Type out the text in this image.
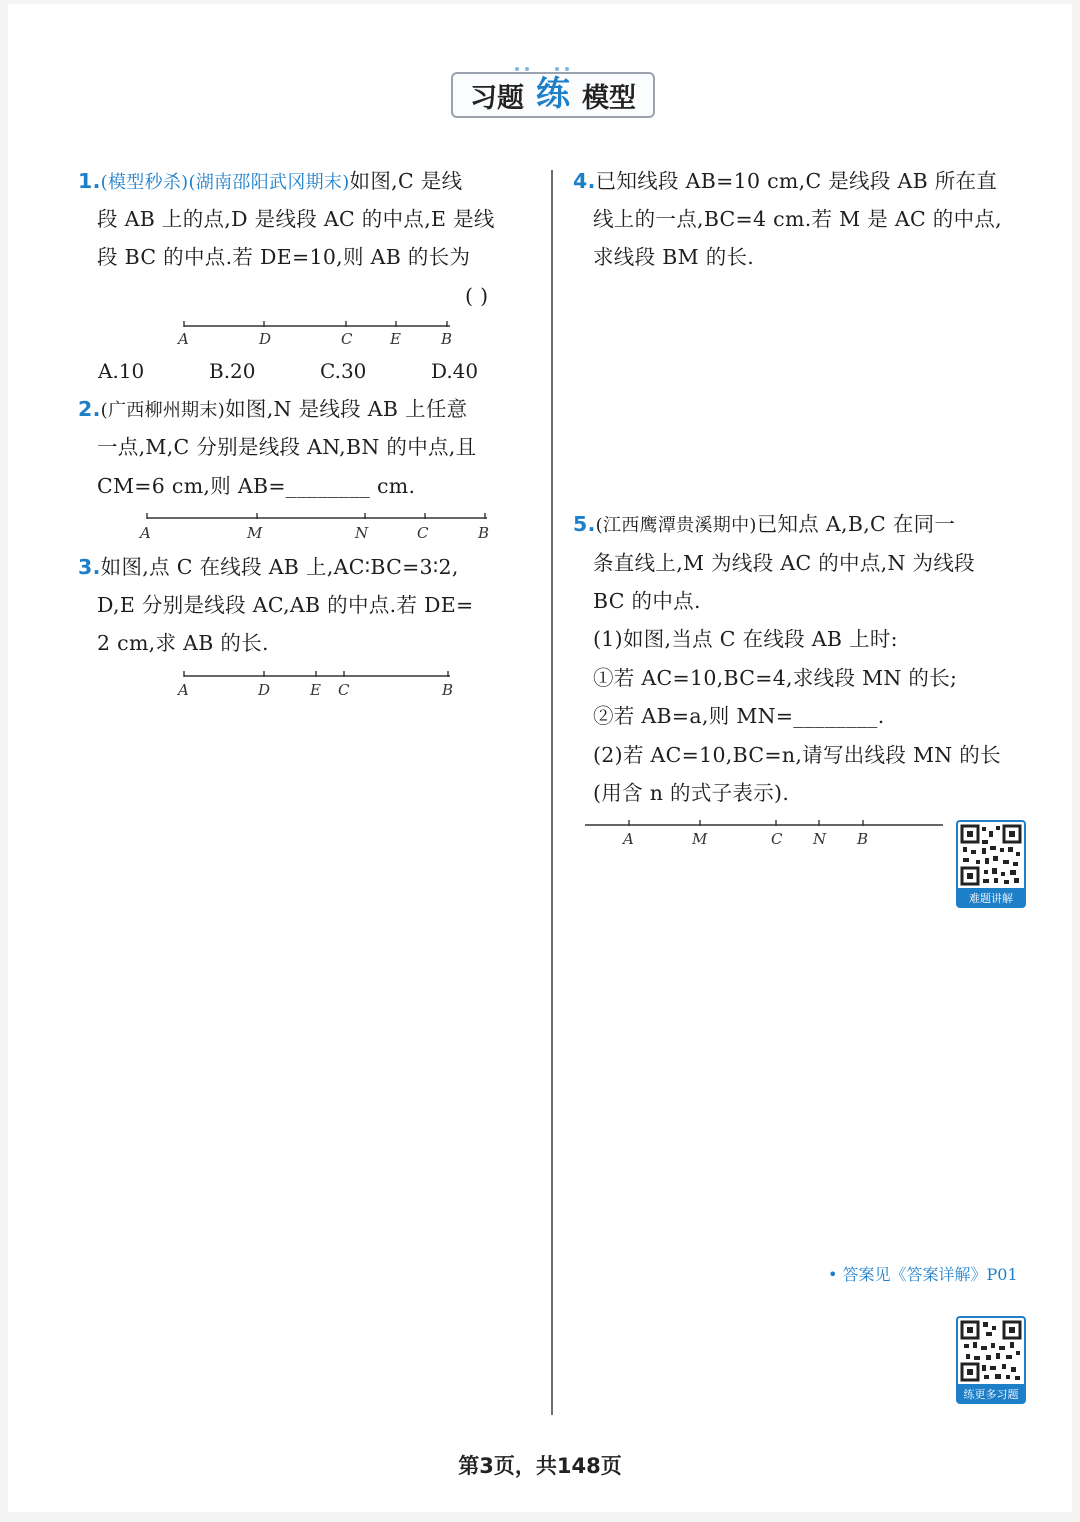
习题 练 模型
1.(模型秒杀)(湖南邵阳武冈期末)如图,C 是线
段 AB 上的点,D 是线段 AC 的中点,E 是线
段 BC 的中点.若 DE=10,则 AB 的长为
( )
A	D	C	E	B
A.10	B.20	C.30	D.40
2.(广西柳州期末)如图,N 是线段 AB 上任意
一点,M,C 分别是线段 AN,BN 的中点,且
CM=6 cm,则 AB=________ cm.
A	M	N	C	B
3.如图,点 C 在线段 AB 上,AC∶BC=3∶2,
D,E 分别是线段 AC,AB 的中点.若 DE=
2 cm,求 AB 的长.
A	D	E C	B
4.已知线段 AB=10 cm,C 是线段 AB 所在直
线上的一点,BC=4 cm.若 M 是 AC 的中点,
求线段 BM 的长.
5.(江西鹰潭贵溪期中)已知点 A,B,C 在同一
条直线上,M 为线段 AC 的中点,N 为线段
BC 的中点.
(1)如图,当点 C 在线段 AB 上时:
①若 AC=10,BC=4,求线段 MN 的长;
②若 AB=a,则 MN=________.
(2)若 AC=10,BC=n,请写出线段 MN 的长
(用含 n 的式子表示).
A	M	C N B
难题讲解
• 答案见《答案详解》P01
练更多习题
第3页，共148页
